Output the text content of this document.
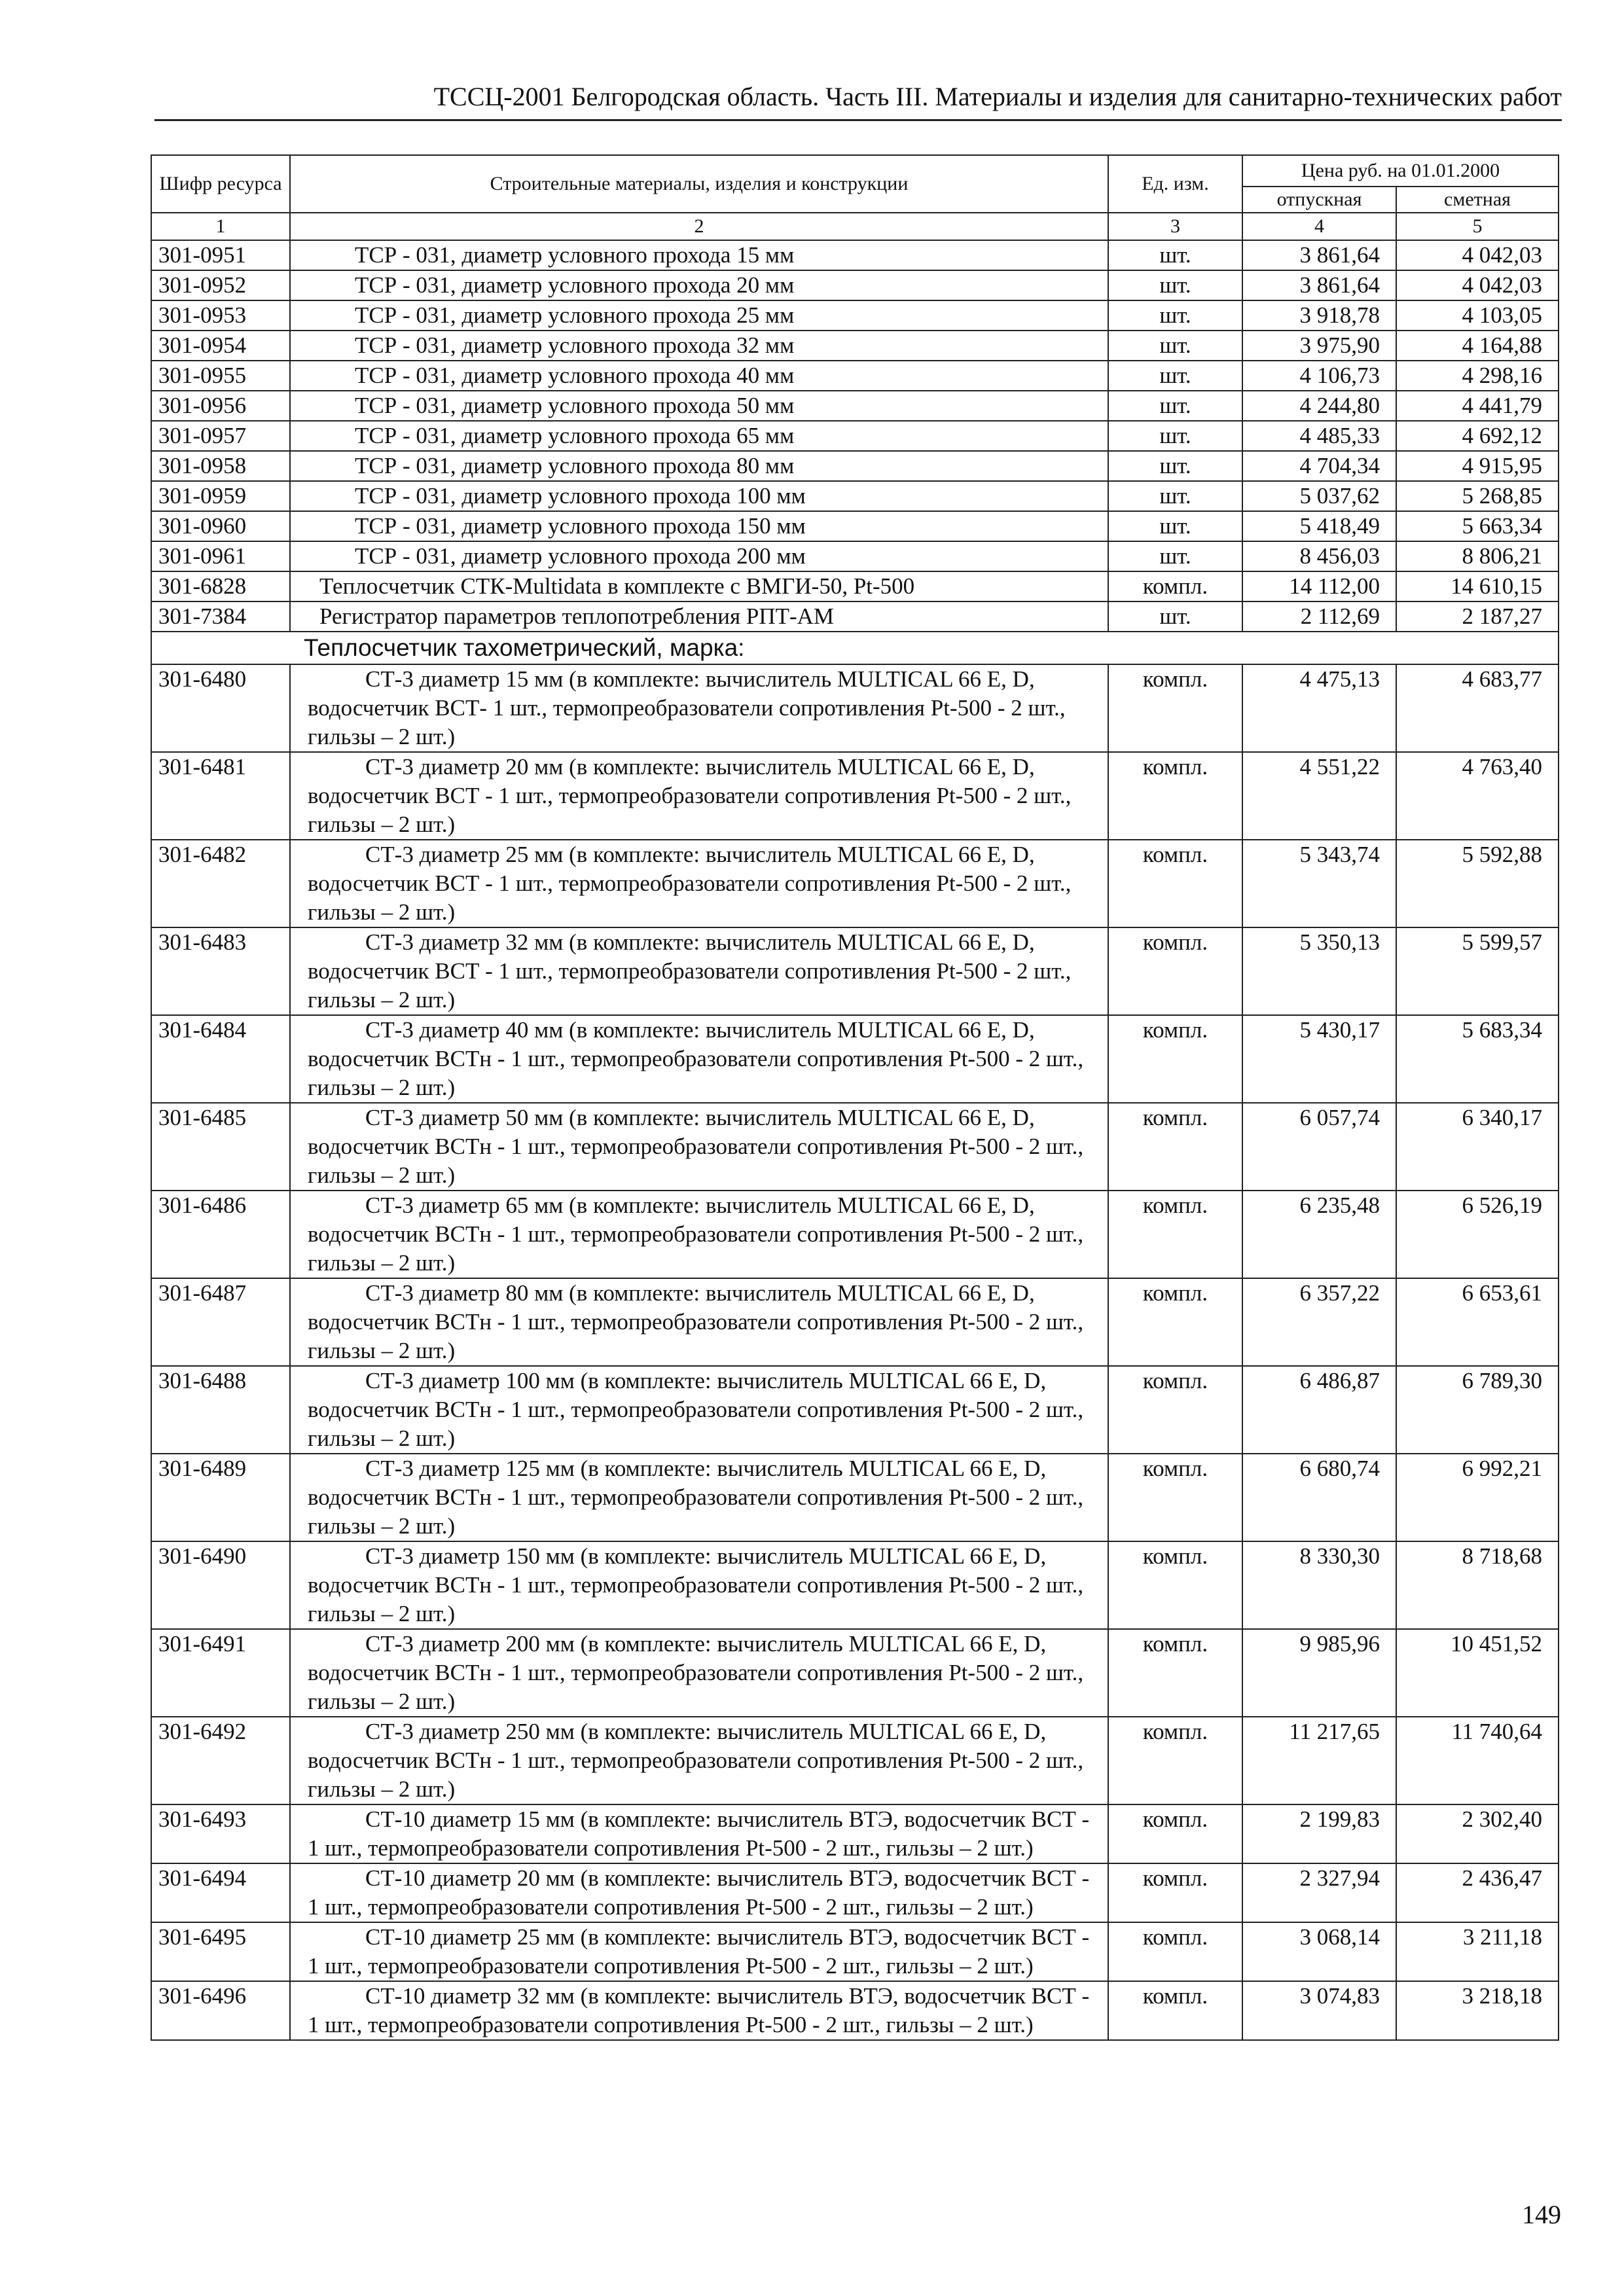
ТССЦ-2001 Белгородская область. Часть III. Материалы и изделия для санитарно-технических работ
Шифр ресурса	Строительные материалы, изделия и конструкции	Ед. изм.	Цена руб. на 01.01.2000	
			отпускная	сметная
1	2	3	4	5
301-0951	ТСР - 031, диаметр условного прохода 15 мм	шт.	3 861,64	4 042,03
301-0952	ТСР - 031, диаметр условного прохода 20 мм	шт.	3 861,64	4 042,03
301-0953	ТСР - 031, диаметр условного прохода 25 мм	шт.	3 918,78	4 103,05
301-0954	ТСР - 031, диаметр условного прохода 32 мм	шт.	3 975,90	4 164,88
301-0955	ТСР - 031, диаметр условного прохода 40 мм	шт.	4 106,73	4 298,16
301-0956	ТСР - 031, диаметр условного прохода 50 мм	шт.	4 244,80	4 441,79
301-0957	ТСР - 031, диаметр условного прохода 65 мм	шт.	4 485,33	4 692,12
301-0958	ТСР - 031, диаметр условного прохода 80 мм	шт.	4 704,34	4 915,95
301-0959	ТСР - 031, диаметр условного прохода 100 мм	шт.	5 037,62	5 268,85
301-0960	ТСР - 031, диаметр условного прохода 150 мм	шт.	5 418,49	5 663,34
301-0961	ТСР - 031, диаметр условного прохода 200 мм	шт.	8 456,03	8 806,21
301-6828	Теплосчетчик СТК-Multidata в комплекте с ВМГИ-50, Pt-500	компл.	14 112,00	14 610,15
301-7384	Регистратор параметров теплопотребления РПТ-АМ	шт.	2 112,69	2 187,27
Теплосчетчик тахометрический, марка:				
301-6480	СТ-3 диаметр 15 мм (в комплекте: вычислитель MULTICAL 66 E, D, водосчетчик ВСТ- 1 шт., термопреобразователи сопротивления Pt-500 - 2 шт., гильзы – 2 шт.)	компл.	4 475,13	4 683,77
301-6481	СТ-3 диаметр 20 мм (в комплекте: вычислитель MULTICAL 66 E, D, водосчетчик ВСТ - 1 шт., термопреобразователи сопротивления Pt-500 - 2 шт., гильзы – 2 шт.)	компл.	4 551,22	4 763,40
301-6482	СТ-3 диаметр 25 мм (в комплекте: вычислитель MULTICAL 66 E, D, водосчетчик ВСТ - 1 шт., термопреобразователи сопротивления Pt-500 - 2 шт., гильзы – 2 шт.)	компл.	5 343,74	5 592,88
301-6483	СТ-3 диаметр 32 мм (в комплекте: вычислитель MULTICAL 66 E, D, водосчетчик ВСТ - 1 шт., термопреобразователи сопротивления Pt-500 - 2 шт., гильзы – 2 шт.)	компл.	5 350,13	5 599,57
301-6484	СТ-3 диаметр 40 мм (в комплекте: вычислитель MULTICAL 66 E, D, водосчетчик ВСТн - 1 шт., термопреобразователи сопротивления Pt-500 - 2 шт., гильзы – 2 шт.)	компл.	5 430,17	5 683,34
301-6485	СТ-3 диаметр 50 мм (в комплекте: вычислитель MULTICAL 66 E, D, водосчетчик ВСТн - 1 шт., термопреобразователи сопротивления Pt-500 - 2 шт., гильзы – 2 шт.)	компл.	6 057,74	6 340,17
301-6486	СТ-3 диаметр 65 мм (в комплекте: вычислитель MULTICAL 66 E, D, водосчетчик ВСТн - 1 шт., термопреобразователи сопротивления Pt-500 - 2 шт., гильзы – 2 шт.)	компл.	6 235,48	6 526,19
301-6487	СТ-3 диаметр 80 мм (в комплекте: вычислитель MULTICAL 66 E, D, водосчетчик ВСТн - 1 шт., термопреобразователи сопротивления Pt-500 - 2 шт., гильзы – 2 шт.)	компл.	6 357,22	6 653,61
301-6488	СТ-3 диаметр 100 мм (в комплекте: вычислитель MULTICAL 66 E, D, водосчетчик ВСТн - 1 шт., термопреобразователи сопротивления Pt-500 - 2 шт., гильзы – 2 шт.)	компл.	6 486,87	6 789,30
301-6489	СТ-3 диаметр 125 мм (в комплекте: вычислитель MULTICAL 66 E, D, водосчетчик ВСТн - 1 шт., термопреобразователи сопротивления Pt-500 - 2 шт., гильзы – 2 шт.)	компл.	6 680,74	6 992,21
301-6490	СТ-3 диаметр 150 мм (в комплекте: вычислитель MULTICAL 66 E, D, водосчетчик ВСТн - 1 шт., термопреобразователи сопротивления Pt-500 - 2 шт., гильзы – 2 шт.)	компл.	8 330,30	8 718,68
301-6491	СТ-3 диаметр 200 мм (в комплекте: вычислитель MULTICAL 66 E, D, водосчетчик ВСТн - 1 шт., термопреобразователи сопротивления Pt-500 - 2 шт., гильзы – 2 шт.)	компл.	9 985,96	10 451,52
301-6492	СТ-3 диаметр 250 мм (в комплекте: вычислитель MULTICAL 66 E, D, водосчетчик ВСТн - 1 шт., термопреобразователи сопротивления Pt-500 - 2 шт., гильзы – 2 шт.)	компл.	11 217,65	11 740,64
301-6493	СТ-10 диаметр 15 мм (в комплекте: вычислитель ВТЭ, водосчетчик ВСТ - 1 шт., термопреобразователи сопротивления Pt-500 - 2 шт., гильзы – 2 шт.)	компл.	2 199,83	2 302,40
301-6494	СТ-10 диаметр 20 мм (в комплекте: вычислитель ВТЭ, водосчетчик ВСТ - 1 шт., термопреобразователи сопротивления Pt-500 - 2 шт., гильзы – 2 шт.)	компл.	2 327,94	2 436,47
301-6495	СТ-10 диаметр 25 мм (в комплекте: вычислитель ВТЭ, водосчетчик ВСТ - 1 шт., термопреобразователи сопротивления Pt-500 - 2 шт., гильзы – 2 шт.)	компл.	3 068,14	3 211,18
301-6496	СТ-10 диаметр 32 мм (в комплекте: вычислитель ВТЭ, водосчетчик ВСТ - 1 шт., термопреобразователи сопротивления Pt-500 - 2 шт., гильзы – 2 шт.)	компл.	3 074,83	3 218,18
149
